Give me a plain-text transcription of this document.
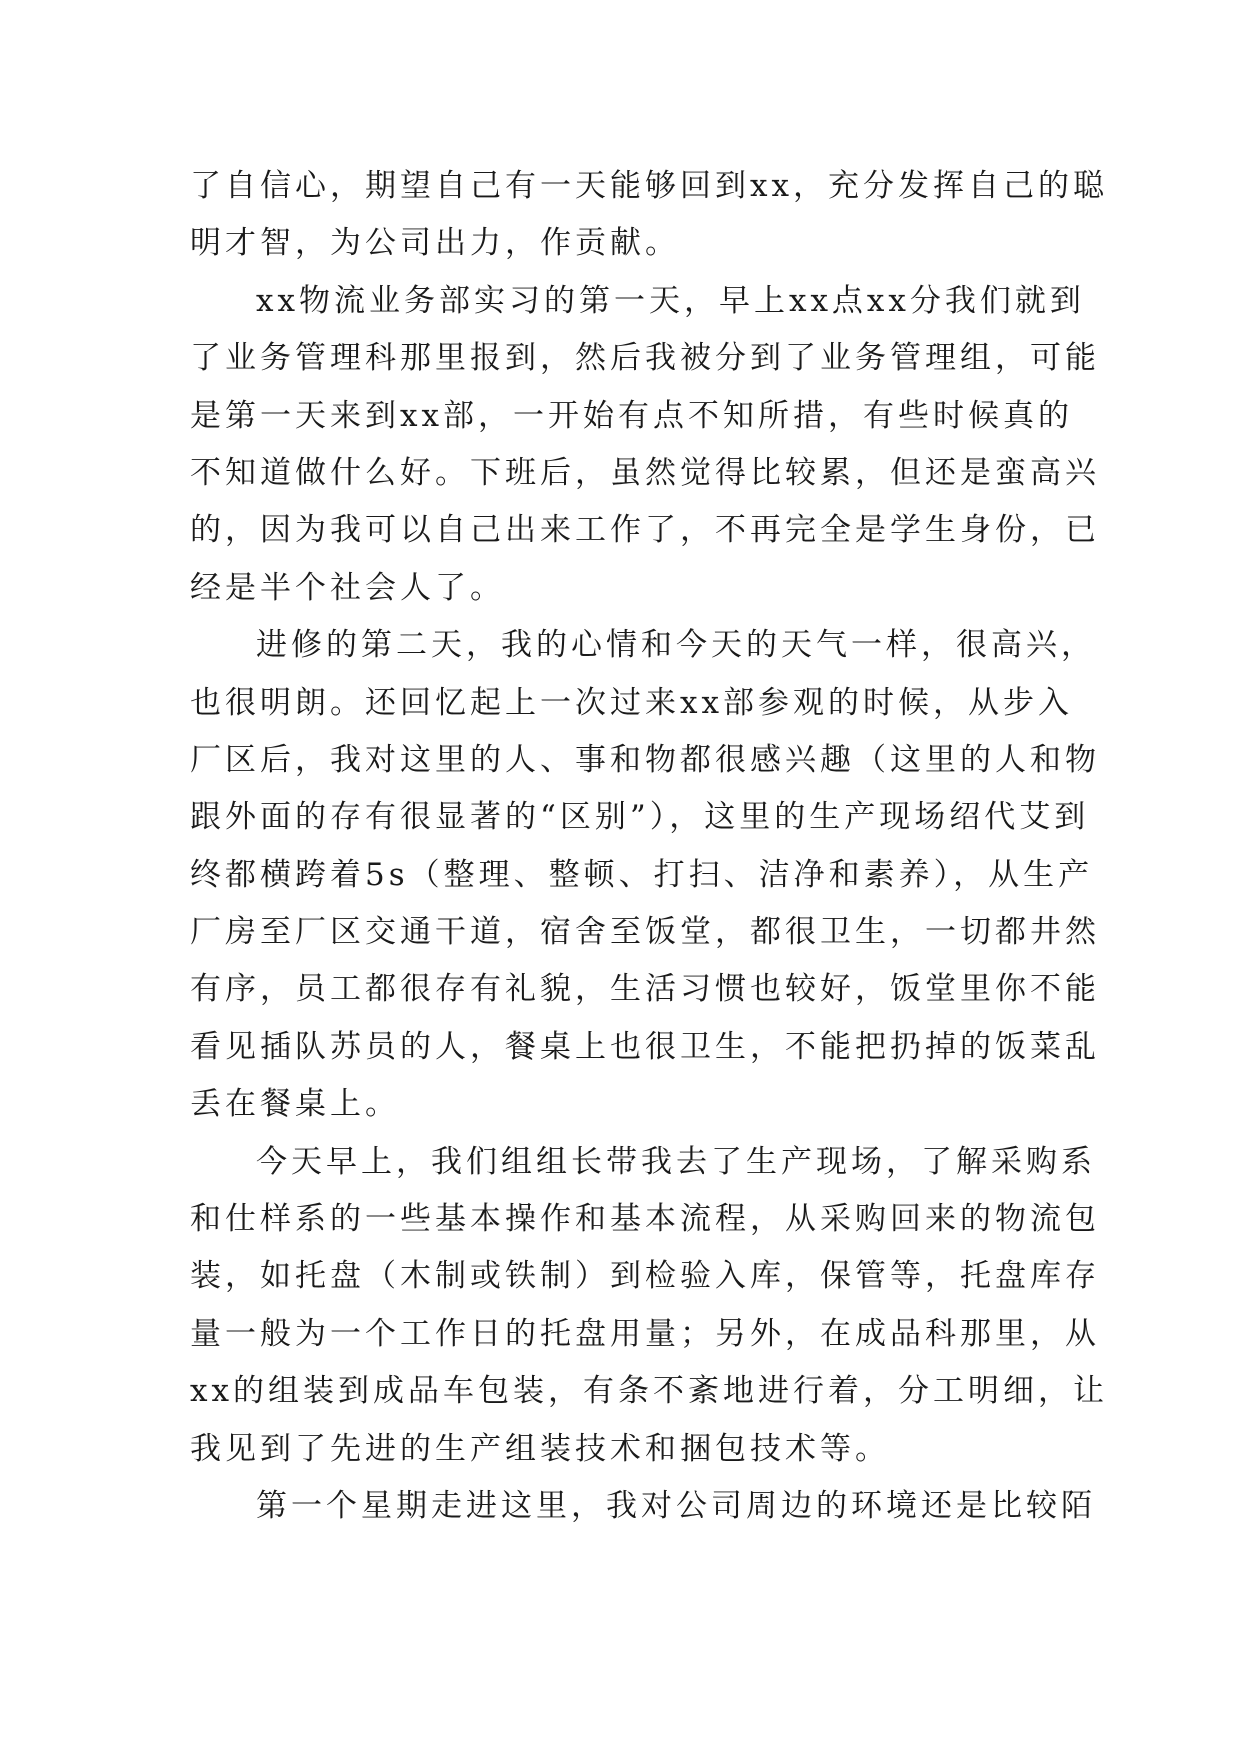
了自信心，期望自己有一天能够回到xx，充分发挥自己的聪
明才智，为公司出力，作贡献。
xx物流业务部实习的第一天，早上xx点xx分我们就到
了业务管理科那里报到，然后我被分到了业务管理组，可能
是第一天来到xx部，一开始有点不知所措，有些时候真的
不知道做什么好。下班后，虽然觉得比较累，但还是蛮高兴
的，因为我可以自己出来工作了，不再完全是学生身份，已
经是半个社会人了。
进修的第二天，我的心情和今天的天气一样，很高兴，
也很明朗。还回忆起上一次过来xx部参观的时候，从步入
厂区后，我对这里的人、事和物都很感兴趣（这里的人和物
跟外面的存有很显著的“区别”），这里的生产现场绍代艾到
终都横跨着5s（整理、整顿、打扫、洁净和素养），从生产
厂房至厂区交通干道，宿舍至饭堂，都很卫生，一切都井然
有序，员工都很存有礼貌，生活习惯也较好，饭堂里你不能
看见插队苏员的人，餐桌上也很卫生，不能把扔掉的饭菜乱
丢在餐桌上。
今天早上，我们组组长带我去了生产现场，了解采购系
和仕样系的一些基本操作和基本流程，从采购回来的物流包
装，如托盘（木制或铁制）到检验入库，保管等，托盘库存
量一般为一个工作日的托盘用量；另外，在成品科那里，从
xx的组装到成品车包装，有条不紊地进行着，分工明细，让
我见到了先进的生产组装技术和捆包技术等。
第一个星期走进这里，我对公司周边的环境还是比较陌
